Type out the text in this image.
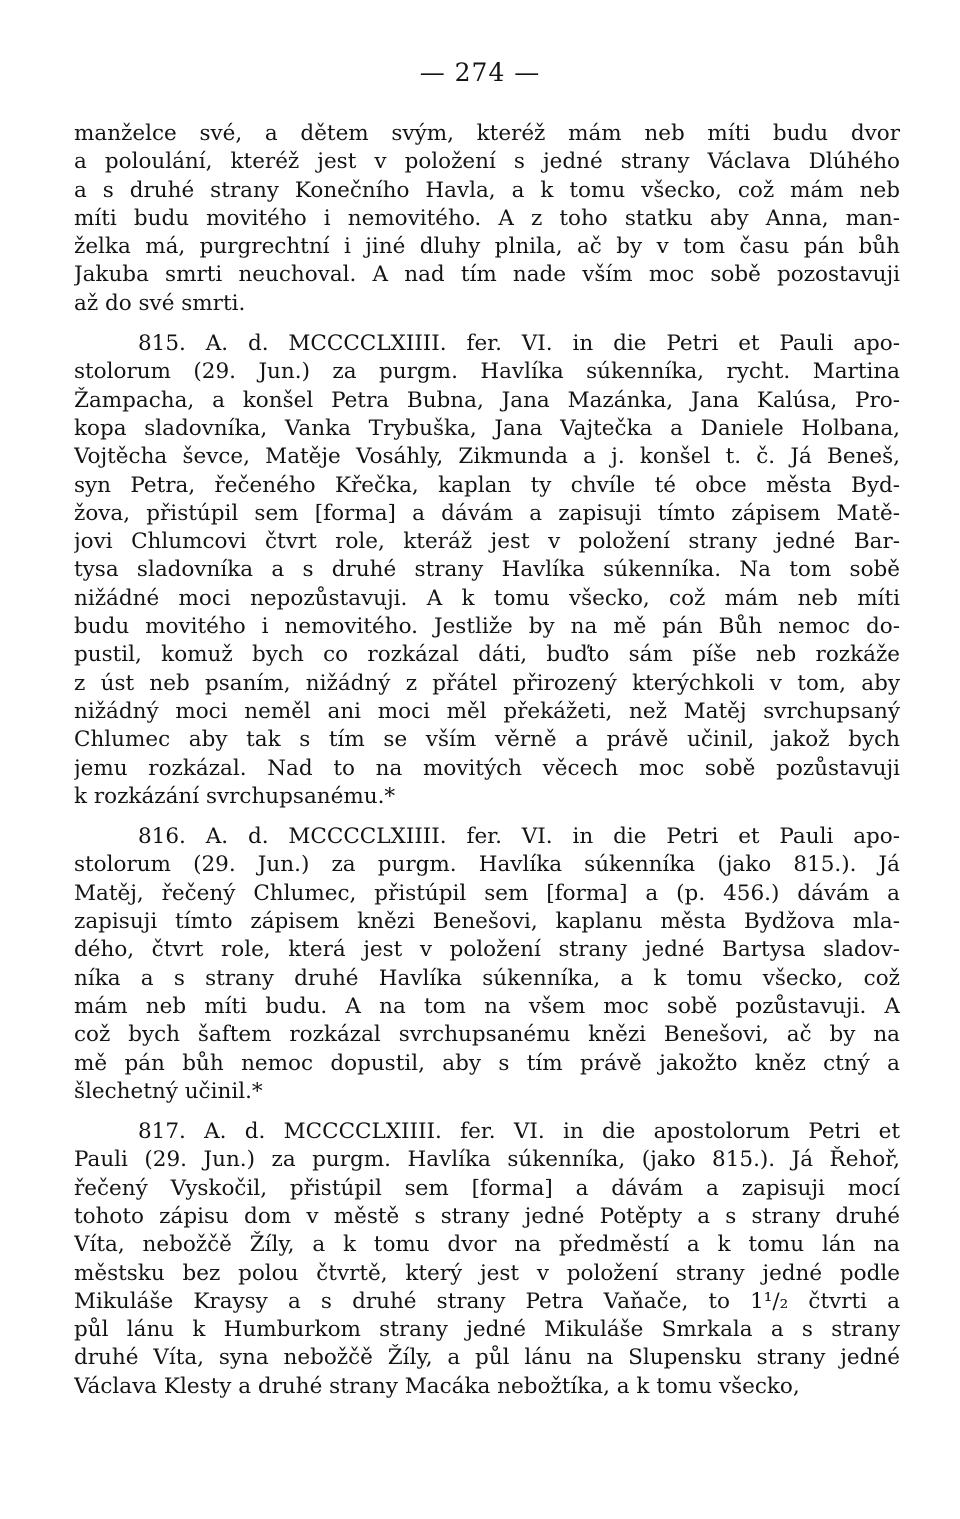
— 274 —
manželce své, a dětem svým, kteréž mám neb míti budu dvor
a poloulání, kteréž jest v položení s jedné strany Václava Dlúhého
a s druhé strany Konečního Havla, a k tomu všecko, což mám neb
míti budu movitého i nemovitého. A z toho statku aby Anna, man-
želka má, purgrechtní i jiné dluhy plnila, ač by v tom času pán bůh
Jakuba smrti neuchoval. A nad tím nade vším moc sobě pozostavuji
až do své smrti.
815. A. d. MCCCCLXIIII. fer. VI. in die Petri et Pauli apo-
stolorum (29. Jun.) za purgm. Havlíka súkenníka, rycht. Martina
Žampacha, a konšel Petra Bubna, Jana Mazánka, Jana Kalúsa, Pro-
kopa sladovníka, Vanka Trybuška, Jana Vajtečka a Daniele Holbana,
Vojtěcha ševce, Matěje Vosáhly, Zikmunda a j. konšel t. č. Já Beneš,
syn Petra, řečeného Křečka, kaplan ty chvíle té obce města Byd-
žova, přistúpil sem [forma] a dávám a zapisuji tímto zápisem Matě-
jovi Chlumcovi čtvrt role, kteráž jest v položení strany jedné Bar-
tysa sladovníka a s druhé strany Havlíka súkenníka. Na tom sobě
nižádné moci nepozůstavuji. A k tomu všecko, což mám neb míti
budu movitého i nemovitého. Jestliže by na mě pán Bůh nemoc do-
pustil, komuž bych co rozkázal dáti, buďto sám píše neb rozkáže
z úst neb psaním, nižádný z přátel přirozený kterýchkoli v tom, aby
nižádný moci neměl ani moci měl překážeti, než Matěj svrchupsaný
Chlumec aby tak s tím se vším věrně a právě učinil, jakož bych
jemu rozkázal. Nad to na movitých věcech moc sobě pozůstavuji
k rozkázání svrchupsanému.*
816. A. d. MCCCCLXIIII. fer. VI. in die Petri et Pauli apo-
stolorum (29. Jun.) za purgm. Havlíka súkenníka (jako 815.). Já
Matěj, řečený Chlumec, přistúpil sem [forma] a (p. 456.) dávám a
zapisuji tímto zápisem knězi Benešovi, kaplanu města Bydžova mla-
dého, čtvrt role, která jest v položení strany jedné Bartysa sladov-
níka a s strany druhé Havlíka súkenníka, a k tomu všecko, což
mám neb míti budu. A na tom na všem moc sobě pozůstavuji. A
což bych šaftem rozkázal svrchupsanému knězi Benešovi, ač by na
mě pán bůh nemoc dopustil, aby s tím právě jakožto kněz ctný a
šlechetný učinil.*
817. A. d. MCCCCLXIIII. fer. VI. in die apostolorum Petri et
Pauli (29. Jun.) za purgm. Havlíka súkenníka, (jako 815.). Já Řehoř,
řečený Vyskočil, přistúpil sem [forma] a dávám a zapisuji mocí
tohoto zápisu dom v městě s strany jedné Potěpty a s strany druhé
Víta, nebožčě Žíly, a k tomu dvor na předměstí a k tomu lán na
městsku bez polou čtvrtě, který jest v položení strany jedné podle
Mikuláše Kraysy a s druhé strany Petra Vaňače, to 1¹/₂ čtvrti a
půl lánu k Humburkom strany jedné Mikuláše Smrkala a s strany
druhé Víta, syna nebožčě Žíly, a půl lánu na Slupensku strany jedné
Václava Klesty a druhé strany Macáka nebožtíka, a k tomu všecko,
